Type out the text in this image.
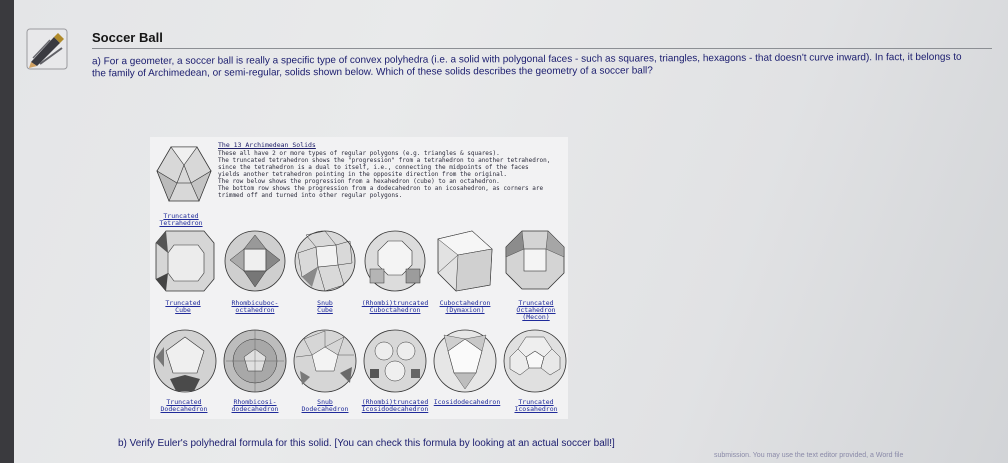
Soccer Ball
a) For a geometer, a soccer ball is really a specific type of convex polyhedra (i.e. a solid with polygonal faces - such as squares, triangles, hexagons - that doesn't curve inward). In fact, it belongs to the family of Archimedean, or semi-regular, solids shown below. Which of these solids describes the geometry of a soccer ball?
The 13 Archimedean Solids
These all have 2 or more types of regular polygons (e.g. triangles & squares).
The truncated tetrahedron shows the "progression" from a tetrahedron to another tetrahedron,
since the tetrahedron is a dual to itself, i.e., connecting the midpoints of the faces
yields another tetrahedron pointing in the opposite direction from the original.
The row below shows the progression from a hexahedron (cube) to an octahedron.
The bottom row shows the progression from a dodecahedron to an icosahedron, as corners are
trimmed off and turned into other regular polygons.
Truncated
Tetrahedron
Truncated
Cube
Rhombicuboc-
octahedron
Snub
Cube
(Rhombi)truncated
Cuboctahedron
Cuboctahedron
(Dymaxion)
Truncated
Octahedron
(Mecon)
Truncated
Dodecahedron
Rhombicosi-
dodecahedron
Snub
Dodecahedron
(Rhombi)truncated
Icosidodecahedron
Icosidodecahedron	Truncated
Icosahedron
b) Verify Euler's polyhedral formula for this solid. [You can check this formula by looking at an actual soccer ball!]
submission. You may use the text editor provided, a Word file
